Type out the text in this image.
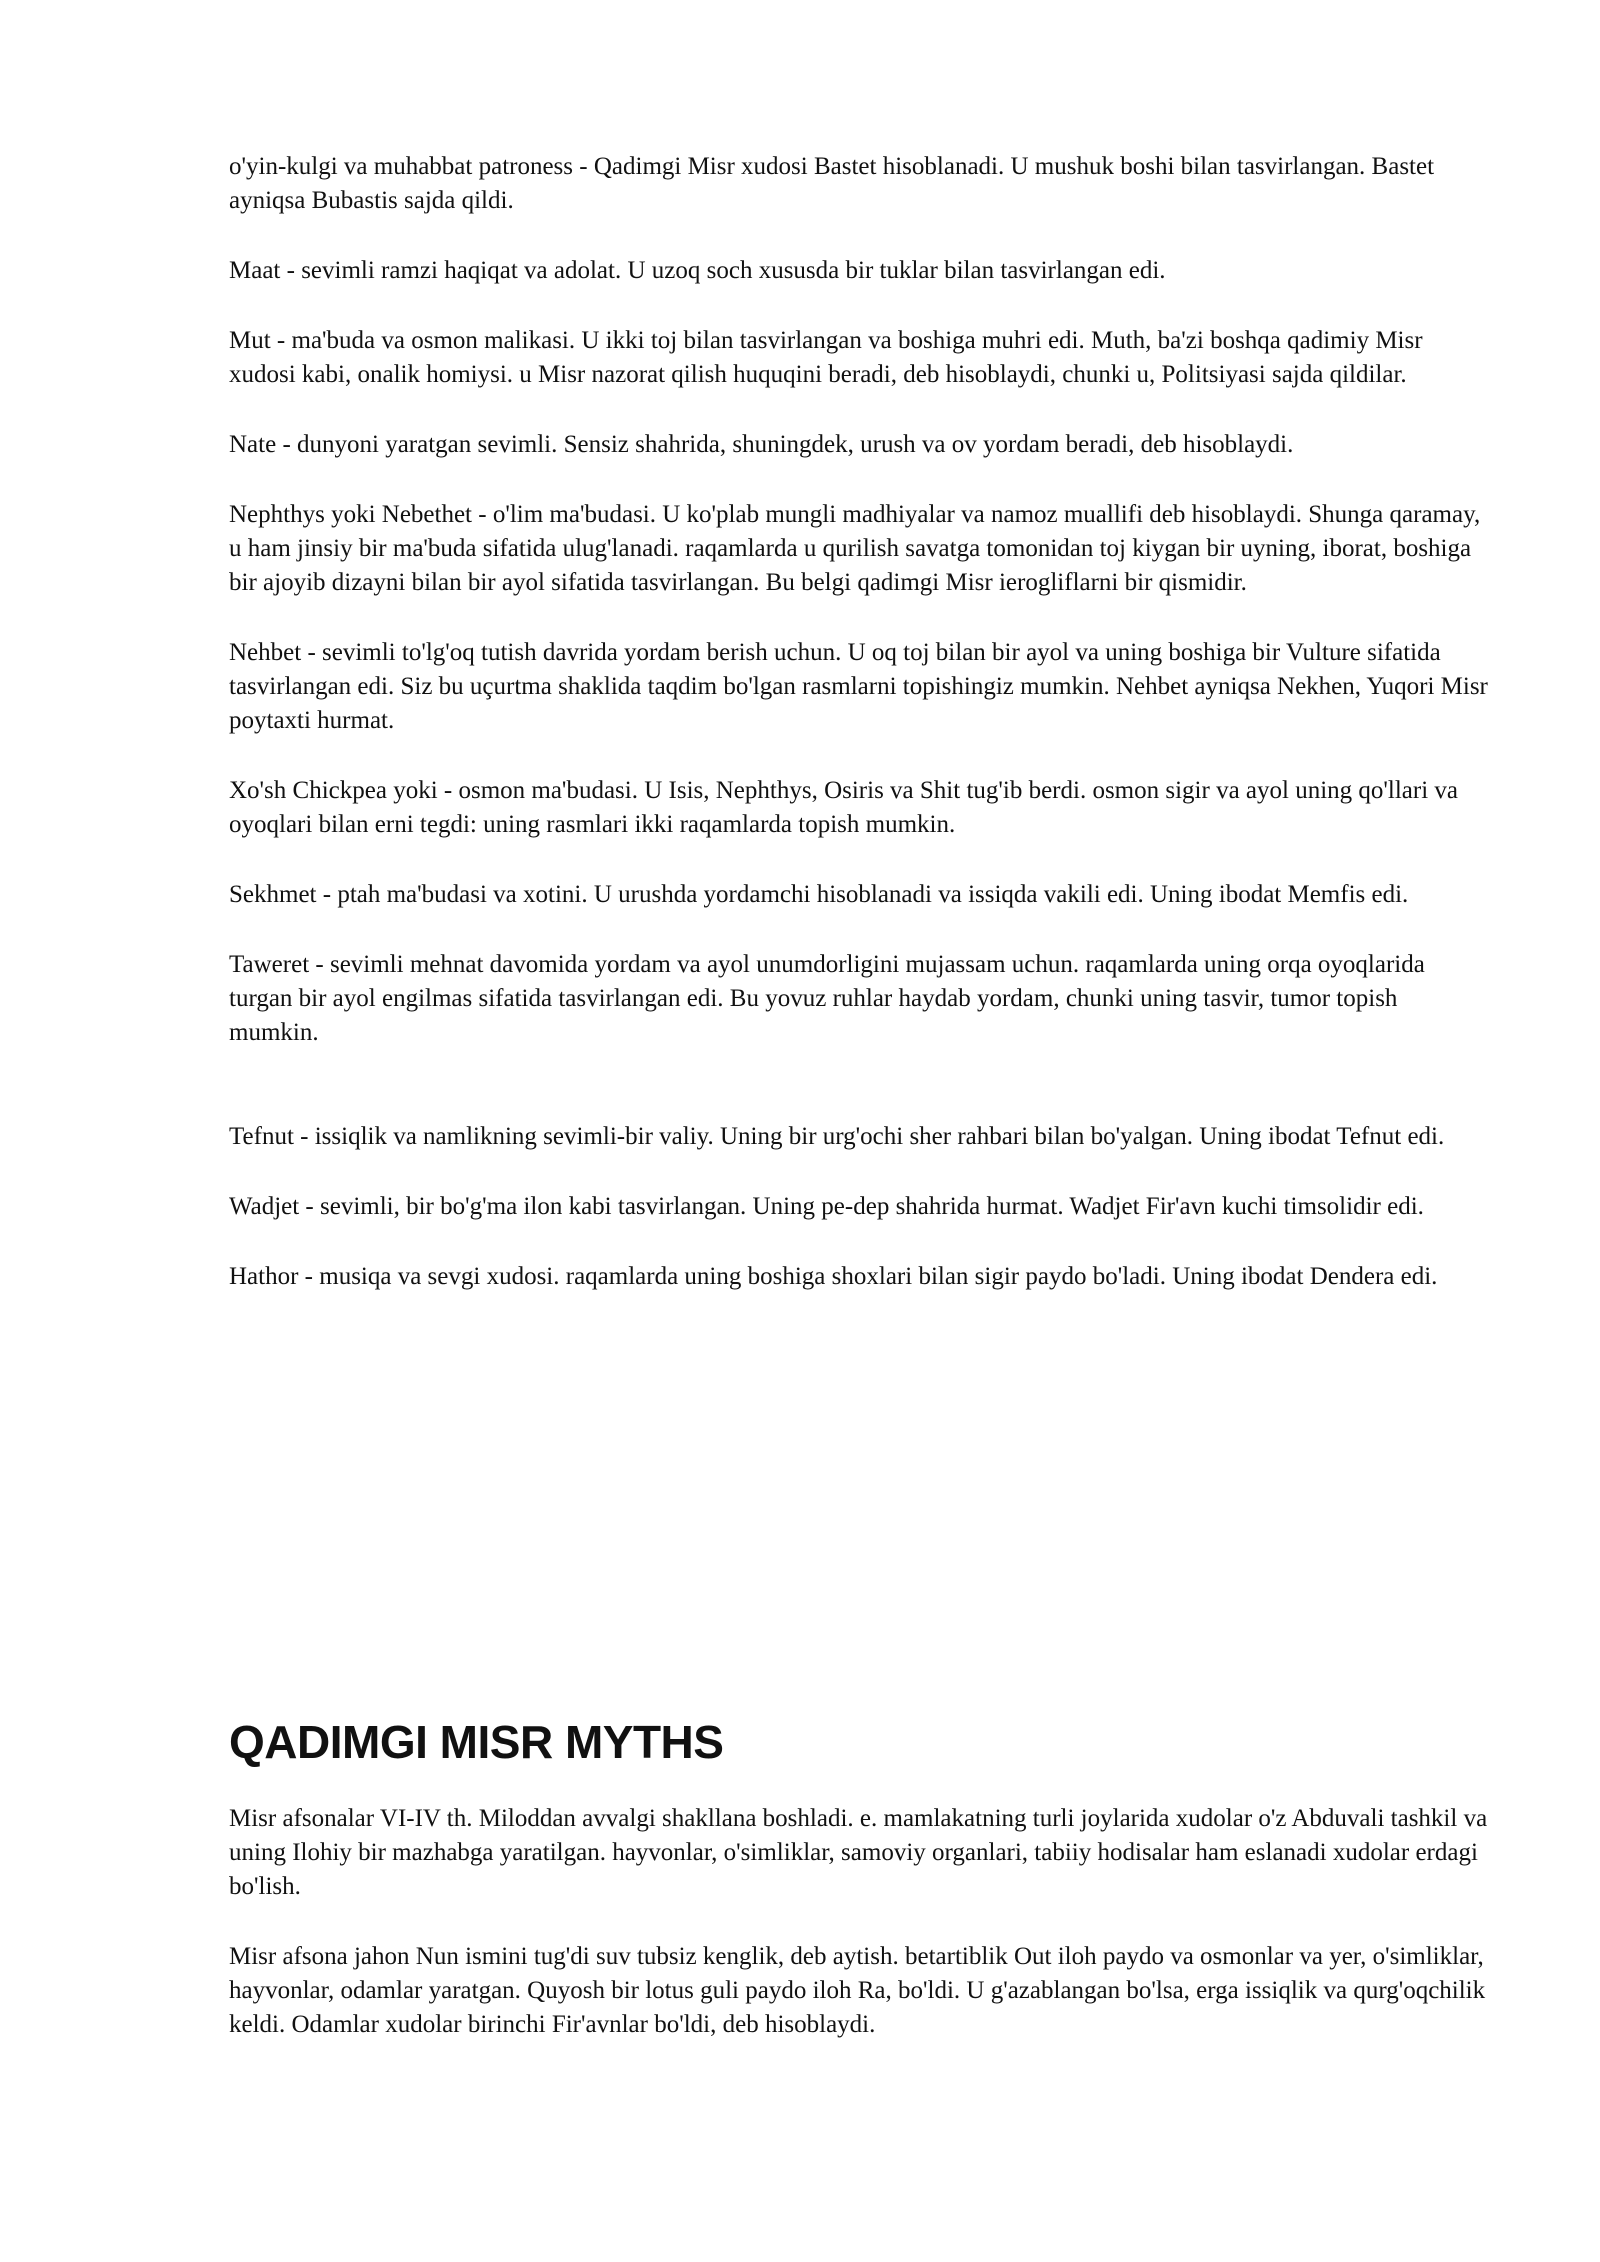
o'yin-kulgi va muhabbat patroness - Qadimgi Misr xudosi Bastet hisoblanadi. U mushuk boshi bilan tasvirlangan. Bastet ayniqsa Bubastis sajda qildi.

Maat - sevimli ramzi haqiqat va adolat. U uzoq soch xususda bir tuklar bilan tasvirlangan edi.

Mut - ma'buda va osmon malikasi. U ikki toj bilan tasvirlangan va boshiga muhri edi. Muth, ba'zi boshqa qadimiy Misr xudosi kabi, onalik homiysi. u Misr nazorat qilish huquqini beradi, deb hisoblaydi, chunki u, Politsiyasi sajda qildilar.

Nate - dunyoni yaratgan sevimli. Sensiz shahrida, shuningdek, urush va ov yordam beradi, deb hisoblaydi.

Nephthys yoki Nebethet - o'lim ma'budasi. U ko'plab mungli madhiyalar va namoz muallifi deb hisoblaydi. Shunga qaramay, u ham jinsiy bir ma'buda sifatida ulug'lanadi. raqamlarda u qurilish savatga tomonidan toj kiygan bir uyning, iborat, boshiga bir ajoyib dizayni bilan bir ayol sifatida tasvirlangan. Bu belgi qadimgi Misr ierogliflarni bir qismidir.

Nehbet - sevimli to'lg'oq tutish davrida yordam berish uchun. U oq toj bilan bir ayol va uning boshiga bir Vulture sifatida tasvirlangan edi. Siz bu uçurtma shaklida taqdim bo'lgan rasmlarni topishingiz mumkin. Nehbet ayniqsa Nekhen, Yuqori Misr poytaxti hurmat.

Xo'sh Chickpea yoki - osmon ma'budasi. U Isis, Nephthys, Osiris va Shit tug'ib berdi. osmon sigir va ayol uning qo'llari va oyoqlari bilan erni tegdi: uning rasmlari ikki raqamlarda topish mumkin.

Sekhmet - ptah ma'budasi va xotini. U urushda yordamchi hisoblanadi va issiqda vakili edi. Uning ibodat Memfis edi.

Taweret - sevimli mehnat davomida yordam va ayol unumdorligini mujassam uchun. raqamlarda uning orqa oyoqlarida turgan bir ayol engilmas sifatida tasvirlangan edi. Bu yovuz ruhlar haydab yordam, chunki uning tasvir, tumor topish mumkin.

Tefnut - issiqlik va namlikning sevimli-bir valiy. Uning bir urg'ochi sher rahbari bilan bo'yalgan. Uning ibodat Tefnut edi.

Wadjet - sevimli, bir bo'g'ma ilon kabi tasvirlangan. Uning pe-dep shahrida hurmat. Wadjet Fir'avn kuchi timsolidir edi.

Hathor - musiqa va sevgi xudosi. raqamlarda uning boshiga shoxlari bilan sigir paydo bo'ladi. Uning ibodat Dendera edi.

QADIMGI MISR MYTHS

Misr afsonalar VI-IV th. Miloddan avvalgi shakllana boshladi. e. mamlakatning turli joylarida xudolar o'z Abduvali tashkil va uning Ilohiy bir mazhabga yaratilgan. hayvonlar, o'simliklar, samoviy organlari, tabiiy hodisalar ham eslanadi xudolar erdagi bo'lish.

Misr afsona jahon Nun ismini tug'di suv tubsiz kenglik, deb aytish. betartiblik Out iloh paydo va osmonlar va yer, o'simliklar, hayvonlar, odamlar yaratgan. Quyosh bir lotus guli paydo iloh Ra, bo'ldi. U g'azablangan bo'lsa, erga issiqlik va qurg'oqchilik keldi. Odamlar xudolar birinchi Fir'avnlar bo'ldi, deb hisoblaydi.
